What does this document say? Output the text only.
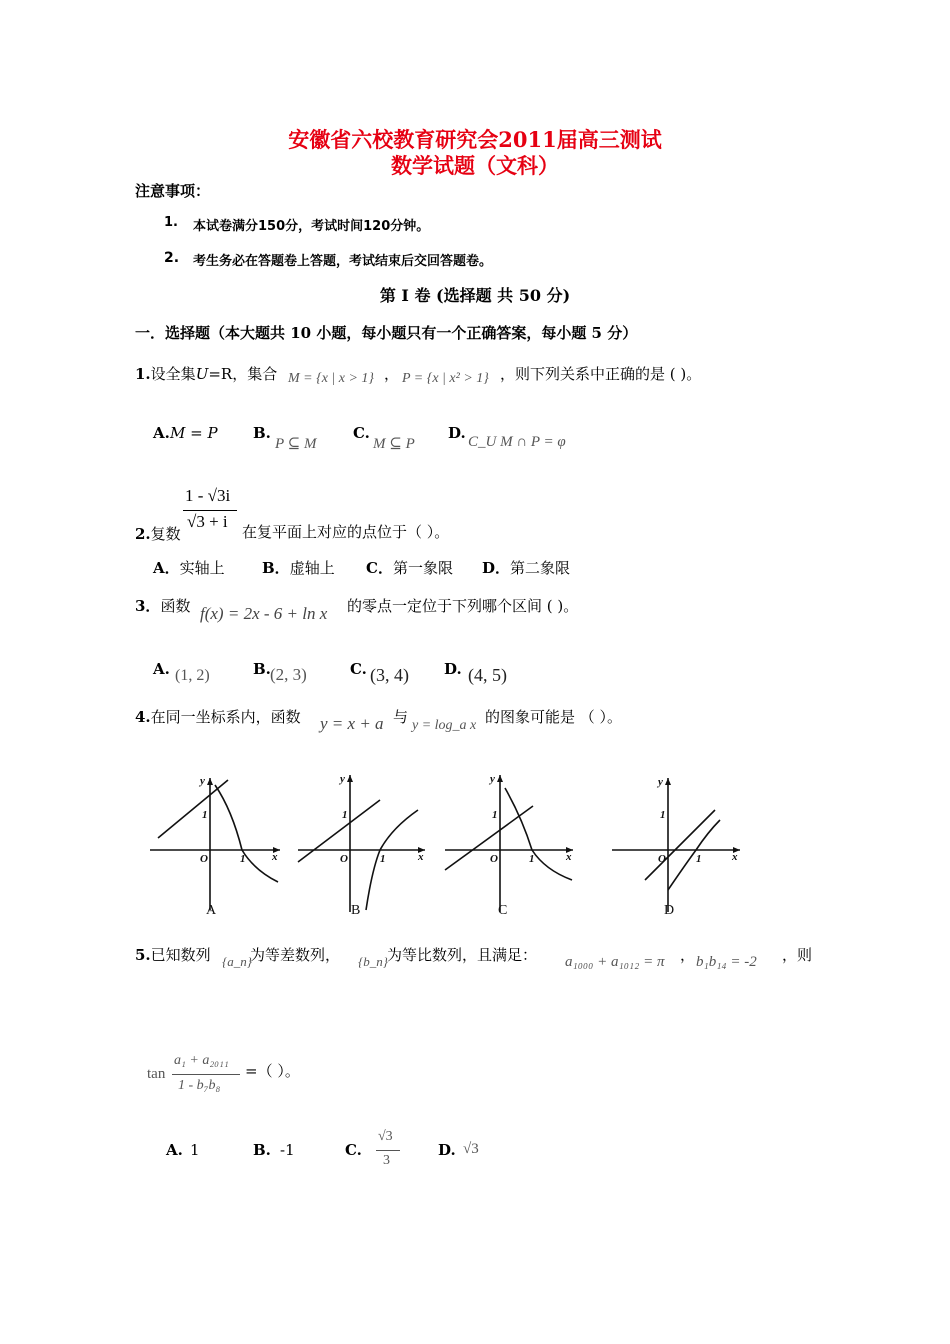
安徽省六校教育研究会2011届高三测试
数学试题（文科）
注意事项：
1. 本试卷满分150分，考试时间120分钟。
2. 考生务必在答题卷上答题，考试结束后交回答题卷。
第 I 卷 (选择题 共 50 分)
一．选择题（本大题共 10 小题，每小题只有一个正确答案，每小题 5 分）
1.设全集U=R，集合 M = {x | x > 1} ， P = {x | x² > 1} ，则下列关系中正确的是 ( )。
A. M = P B.
P ⊆ M
C.
M ⊆ P
D. C_U M ∩ P = φ
1 - √3i
√3 + i
2.复数	在复平面上对应的点位于（ ）。
A．实轴上 B．虚轴上 C．第一象限 D．第二象限
3．函数 f(x) = 2x - 6 + ln x 的零点一定位于下列哪个区间 ( )。
A. (1, 2)	B. (2, 3)	C. (3, 4) D. (4, 5)
4.在同一坐标系内，函数 y = x + a 与 y = log_a x 的图象可能是 （ ）。
y
1
O	1 x
y
1
O	1	x
y
1
O	1	x
y
1
O	1	x
A	B	C	D
5.已知数列 {a_n}
为等差数列， {b_n} 为等比数列，且满足： a₁₀₀₀ + a₁₀₁₂ = π ， b₁b₁₄ = -2 ，则
tan
a₁ + a₂₀₁₁
1 - b₇b₈
=（ ）。
A. 1	B. -1	C.
√3
3
D. √3
